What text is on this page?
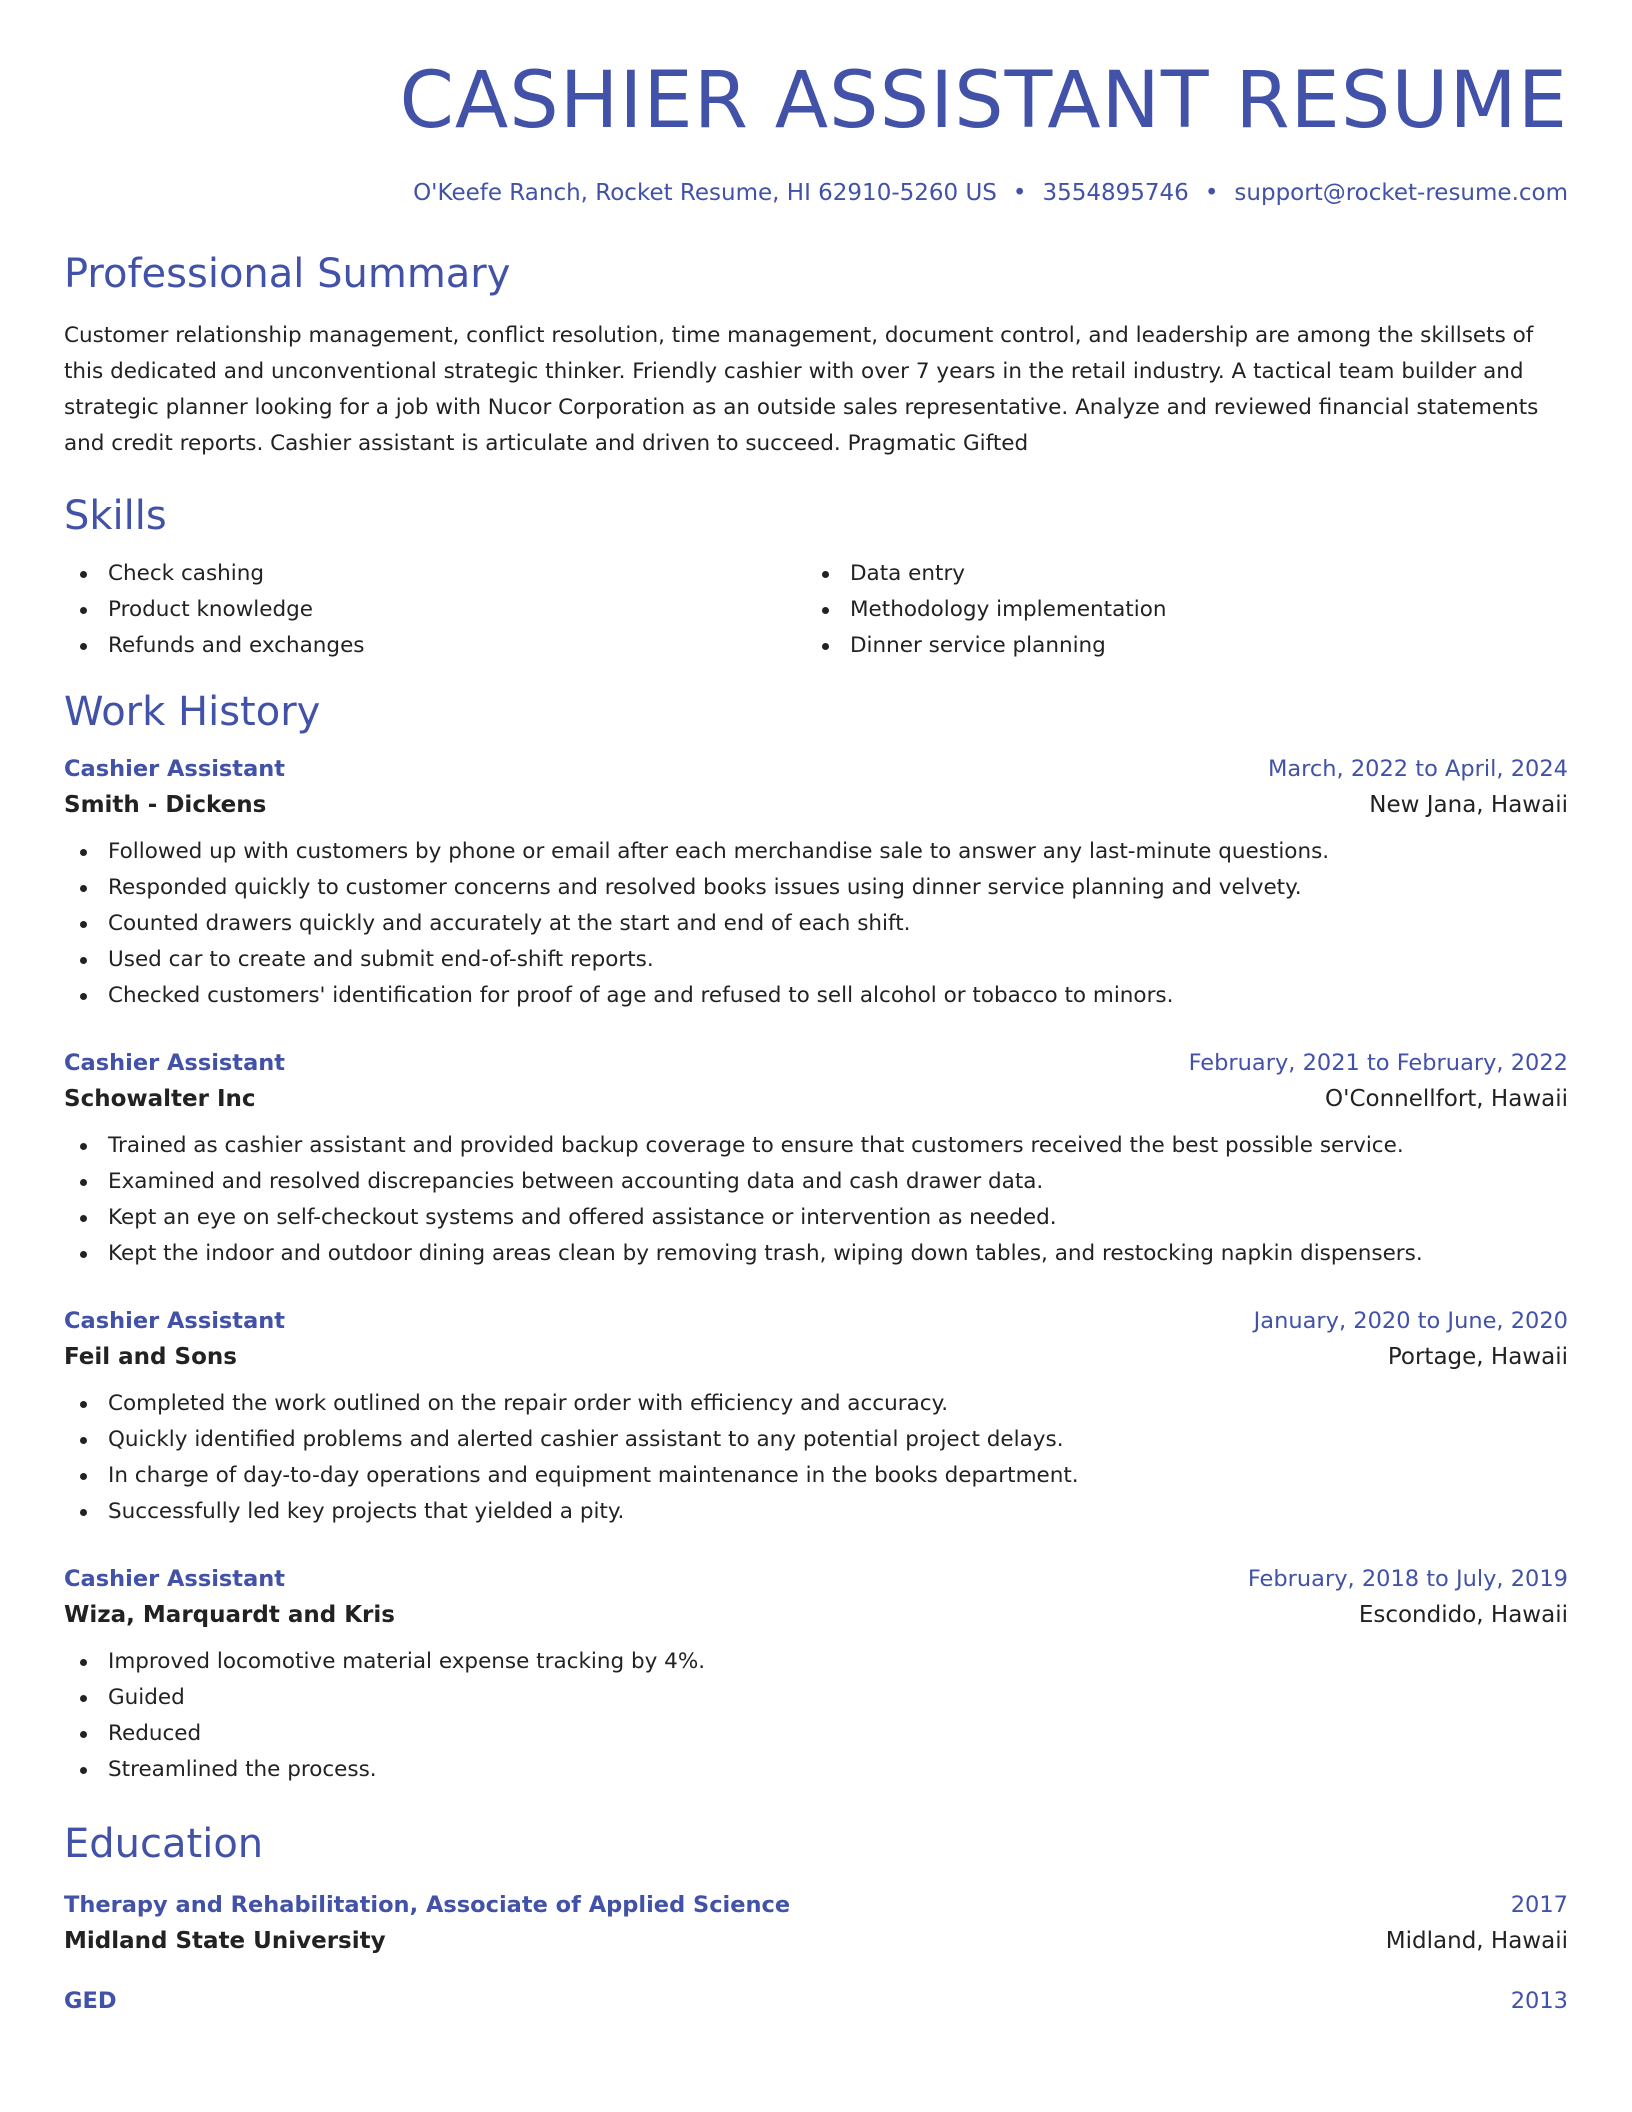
CASHIER ASSISTANT RESUME
O'Keefe Ranch, Rocket Resume, HI 62910-5260 US • 3554895746 • support@rocket-resume.com
Professional Summary
Customer relationship management, conflict resolution, time management, document control, and leadership are among the skillsets of this dedicated and unconventional strategic thinker. Friendly cashier with over 7 years in the retail industry. A tactical team builder and strategic planner looking for a job with Nucor Corporation as an outside sales representative. Analyze and reviewed financial statements and credit reports. Cashier assistant is articulate and driven to succeed. Pragmatic Gifted
Skills
Check cashing
Product knowledge
Refunds and exchanges
Data entry
Methodology implementation
Dinner service planning
Work History
Cashier Assistant	March, 2022 to April, 2024
Smith - Dickens	New Jana, Hawaii
Followed up with customers by phone or email after each merchandise sale to answer any last-minute questions.
Responded quickly to customer concerns and resolved books issues using dinner service planning and velvety.
Counted drawers quickly and accurately at the start and end of each shift.
Used car to create and submit end-of-shift reports.
Checked customers' identification for proof of age and refused to sell alcohol or tobacco to minors.
Cashier Assistant	February, 2021 to February, 2022
Schowalter Inc	O'Connellfort, Hawaii
Trained as cashier assistant and provided backup coverage to ensure that customers received the best possible service.
Examined and resolved discrepancies between accounting data and cash drawer data.
Kept an eye on self-checkout systems and offered assistance or intervention as needed.
Kept the indoor and outdoor dining areas clean by removing trash, wiping down tables, and restocking napkin dispensers.
Cashier Assistant	January, 2020 to June, 2020
Feil and Sons	Portage, Hawaii
Completed the work outlined on the repair order with efficiency and accuracy.
Quickly identified problems and alerted cashier assistant to any potential project delays.
In charge of day-to-day operations and equipment maintenance in the books department.
Successfully led key projects that yielded a pity.
Cashier Assistant	February, 2018 to July, 2019
Wiza, Marquardt and Kris	Escondido, Hawaii
Improved locomotive material expense tracking by 4%.
Guided
Reduced
Streamlined the process.
Education
Therapy and Rehabilitation, Associate of Applied Science	2017
Midland State University	Midland, Hawaii
GED	2013
